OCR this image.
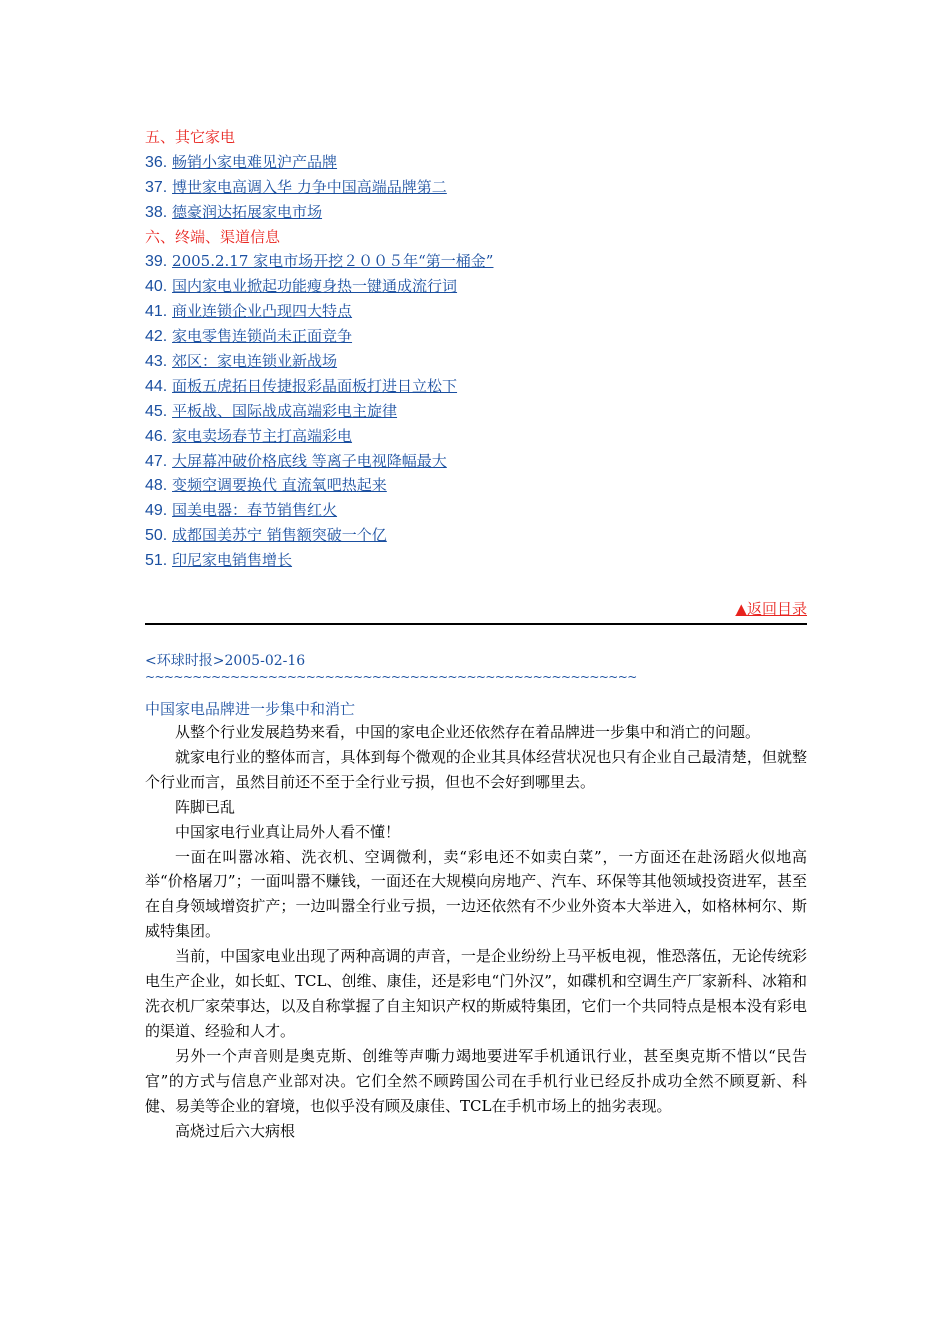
五、其它家电
36. 畅销小家电难见沪产品牌
37. 博世家电高调入华 力争中国高端品牌第二
38. 德豪润达拓展家电市场
六、终端、渠道信息
39. 2005.2.17 家电市场开挖２００５年“第一桶金”
40. 国内家电业掀起功能瘦身热一键通成流行词
41. 商业连锁企业凸现四大特点
42. 家电零售连锁尚未正面竞争
43. 郊区：家电连锁业新战场
44. 面板五虎拓日传捷报彩晶面板打进日立松下
45. 平板战、国际战成高端彩电主旋律
46. 家电卖场春节主打高端彩电
47. 大屏幕冲破价格底线 等离子电视降幅最大
48. 变频空调要换代 直流氧吧热起来
49. 国美电器：春节销售红火
50. 成都国美苏宁 销售额突破一个亿
51. 印尼家电销售增长
▲返回目录
<环球时报>2005-02-16
~~~~~~~~~~~~~~~~~~~~~~~~~~~~~~~~~~~~~~~~~~~~~~~~~~~~
中国家电品牌进一步集中和消亡

从整个行业发展趋势来看，中国的家电企业还依然存在着品牌进一步集中和消亡的问题。

就家电行业的整体而言，具体到每个微观的企业其具体经营状况也只有企业自己最清楚，但就整个行业而言，虽然目前还不至于全行业亏损，但也不会好到哪里去。

阵脚已乱

中国家电行业真让局外人看不懂！

一面在叫嚣冰箱、洗衣机、空调微利，卖“彩电还不如卖白菜”，一方面还在赴汤蹈火似地高举“价格屠刀”；一面叫嚣不赚钱，一面还在大规模向房地产、汽车、环保等其他领域投资进军，甚至在自身领域增资扩产；一边叫嚣全行业亏损，一边还依然有不少业外资本大举进入，如格林柯尔、斯威特集团。

当前，中国家电业出现了两种高调的声音，一是企业纷纷上马平板电视，惟恐落伍，无论传统彩电生产企业，如长虹、TCL、创维、康佳，还是彩电“门外汉”，如碟机和空调生产厂家新科、冰箱和洗衣机厂家荣事达，以及自称掌握了自主知识产权的斯威特集团，它们一个共同特点是根本没有彩电的渠道、经验和人才。

另外一个声音则是奥克斯、创维等声嘶力竭地要进军手机通讯行业，甚至奥克斯不惜以“民告官”的方式与信息产业部对决。它们全然不顾跨国公司在手机行业已经反扑成功全然不顾夏新、科健、易美等企业的窘境，也似乎没有顾及康佳、TCL在手机市场上的拙劣表现。

高烧过后六大病根
